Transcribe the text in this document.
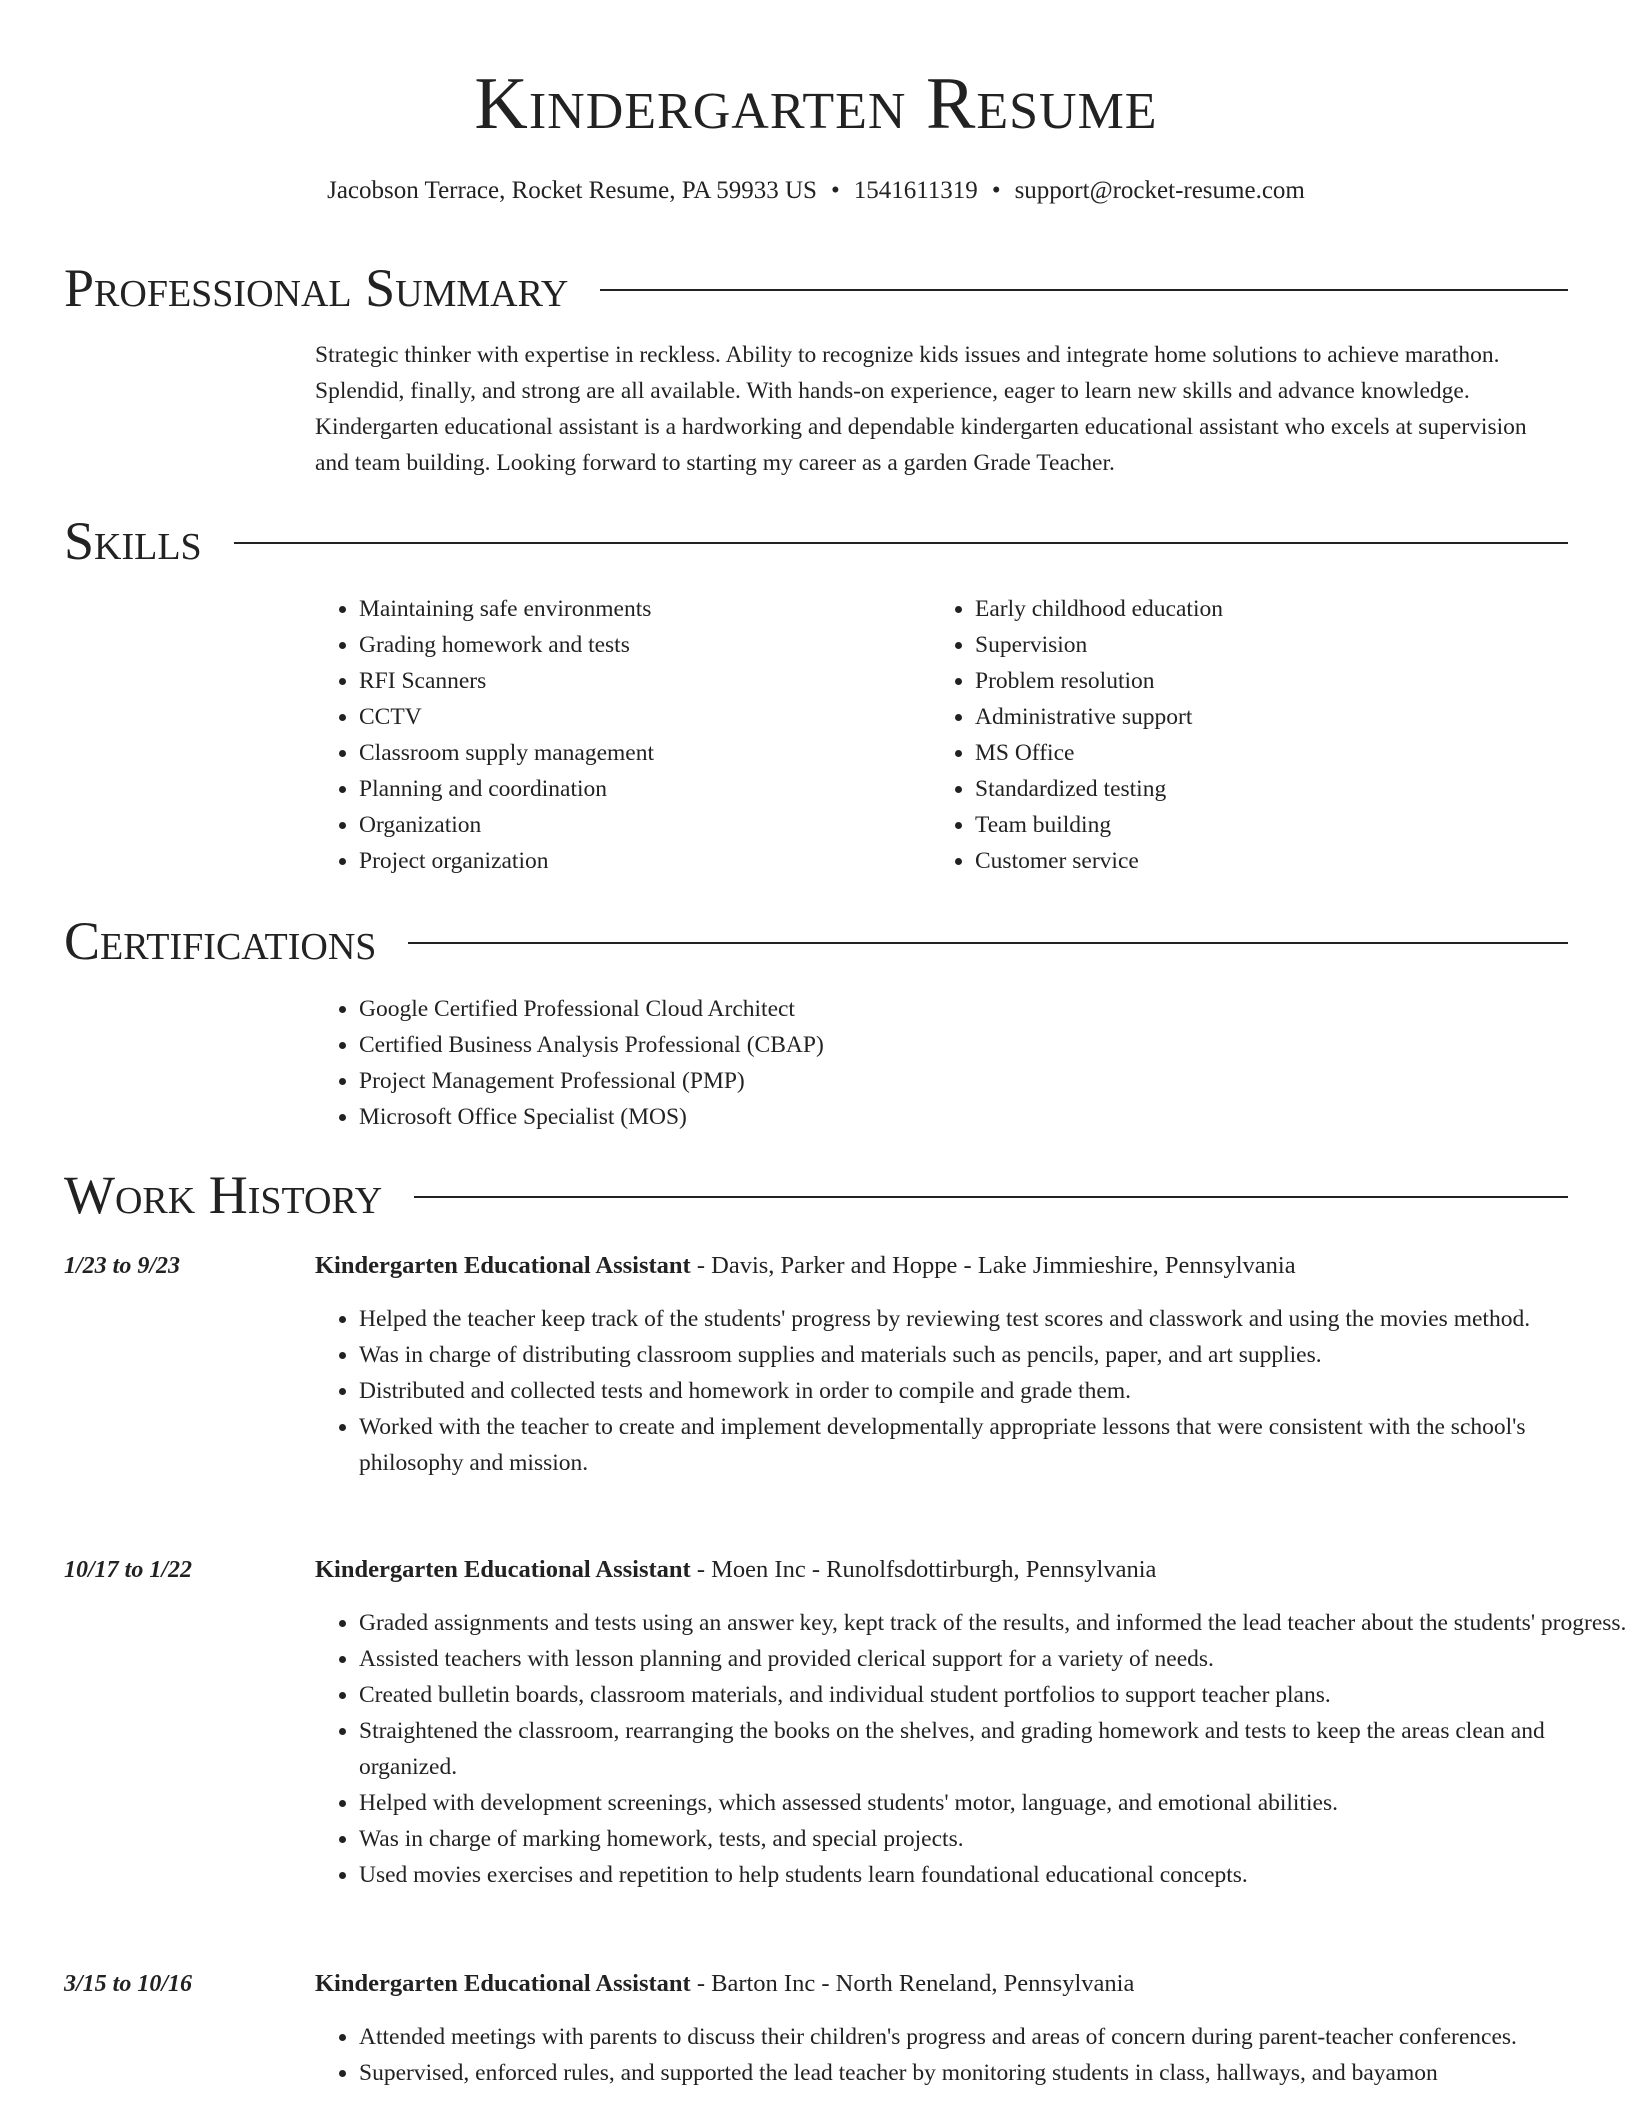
Kindergarten Resume
Jacobson Terrace, Rocket Resume, PA 59933 US • 1541611319 • support@rocket-resume.com
Professional Summary

Strategic thinker with expertise in reckless. Ability to recognize kids issues and integrate home solutions to achieve marathon. Splendid, finally, and strong are all available. With hands-on experience, eager to learn new skills and advance knowledge. Kindergarten educational assistant is a hardworking and dependable kindergarten educational assistant who excels at supervision and team building. Looking forward to starting my career as a garden Grade Teacher.

Skills
• Maintaining safe environments
• Grading homework and tests
• RFI Scanners
• CCTV
• Classroom supply management
• Planning and coordination
• Organization
• Project organization
• Early childhood education
• Supervision
• Problem resolution
• Administrative support
• MS Office
• Standardized testing
• Team building
• Customer service
Certifications
• Google Certified Professional Cloud Architect
• Certified Business Analysis Professional (CBAP)
• Project Management Professional (PMP)
• Microsoft Office Specialist (MOS)
Work History
1/23 to 9/23	Kindergarten Educational Assistant - Davis, Parker and Hoppe - Lake Jimmieshire, Pennsylvania
• Helped the teacher keep track of the students' progress by reviewing test scores and classwork and using the movies method.
• Was in charge of distributing classroom supplies and materials such as pencils, paper, and art supplies.
• Distributed and collected tests and homework in order to compile and grade them.
• Worked with the teacher to create and implement developmentally appropriate lessons that were consistent with the school's philosophy and mission.
10/17 to 1/22	Kindergarten Educational Assistant - Moen Inc - Runolfsdottirburgh, Pennsylvania
• Graded assignments and tests using an answer key, kept track of the results, and informed the lead teacher about the students' progress.
• Assisted teachers with lesson planning and provided clerical support for a variety of needs.
• Created bulletin boards, classroom materials, and individual student portfolios to support teacher plans.
• Straightened the classroom, rearranging the books on the shelves, and grading homework and tests to keep the areas clean and organized.
• Helped with development screenings, which assessed students' motor, language, and emotional abilities.
• Was in charge of marking homework, tests, and special projects.
• Used movies exercises and repetition to help students learn foundational educational concepts.
3/15 to 10/16	Kindergarten Educational Assistant - Barton Inc - North Reneland, Pennsylvania
• Attended meetings with parents to discuss their children's progress and areas of concern during parent-teacher conferences.
• Supervised, enforced rules, and supported the lead teacher by monitoring students in class, hallways, and bayamon
